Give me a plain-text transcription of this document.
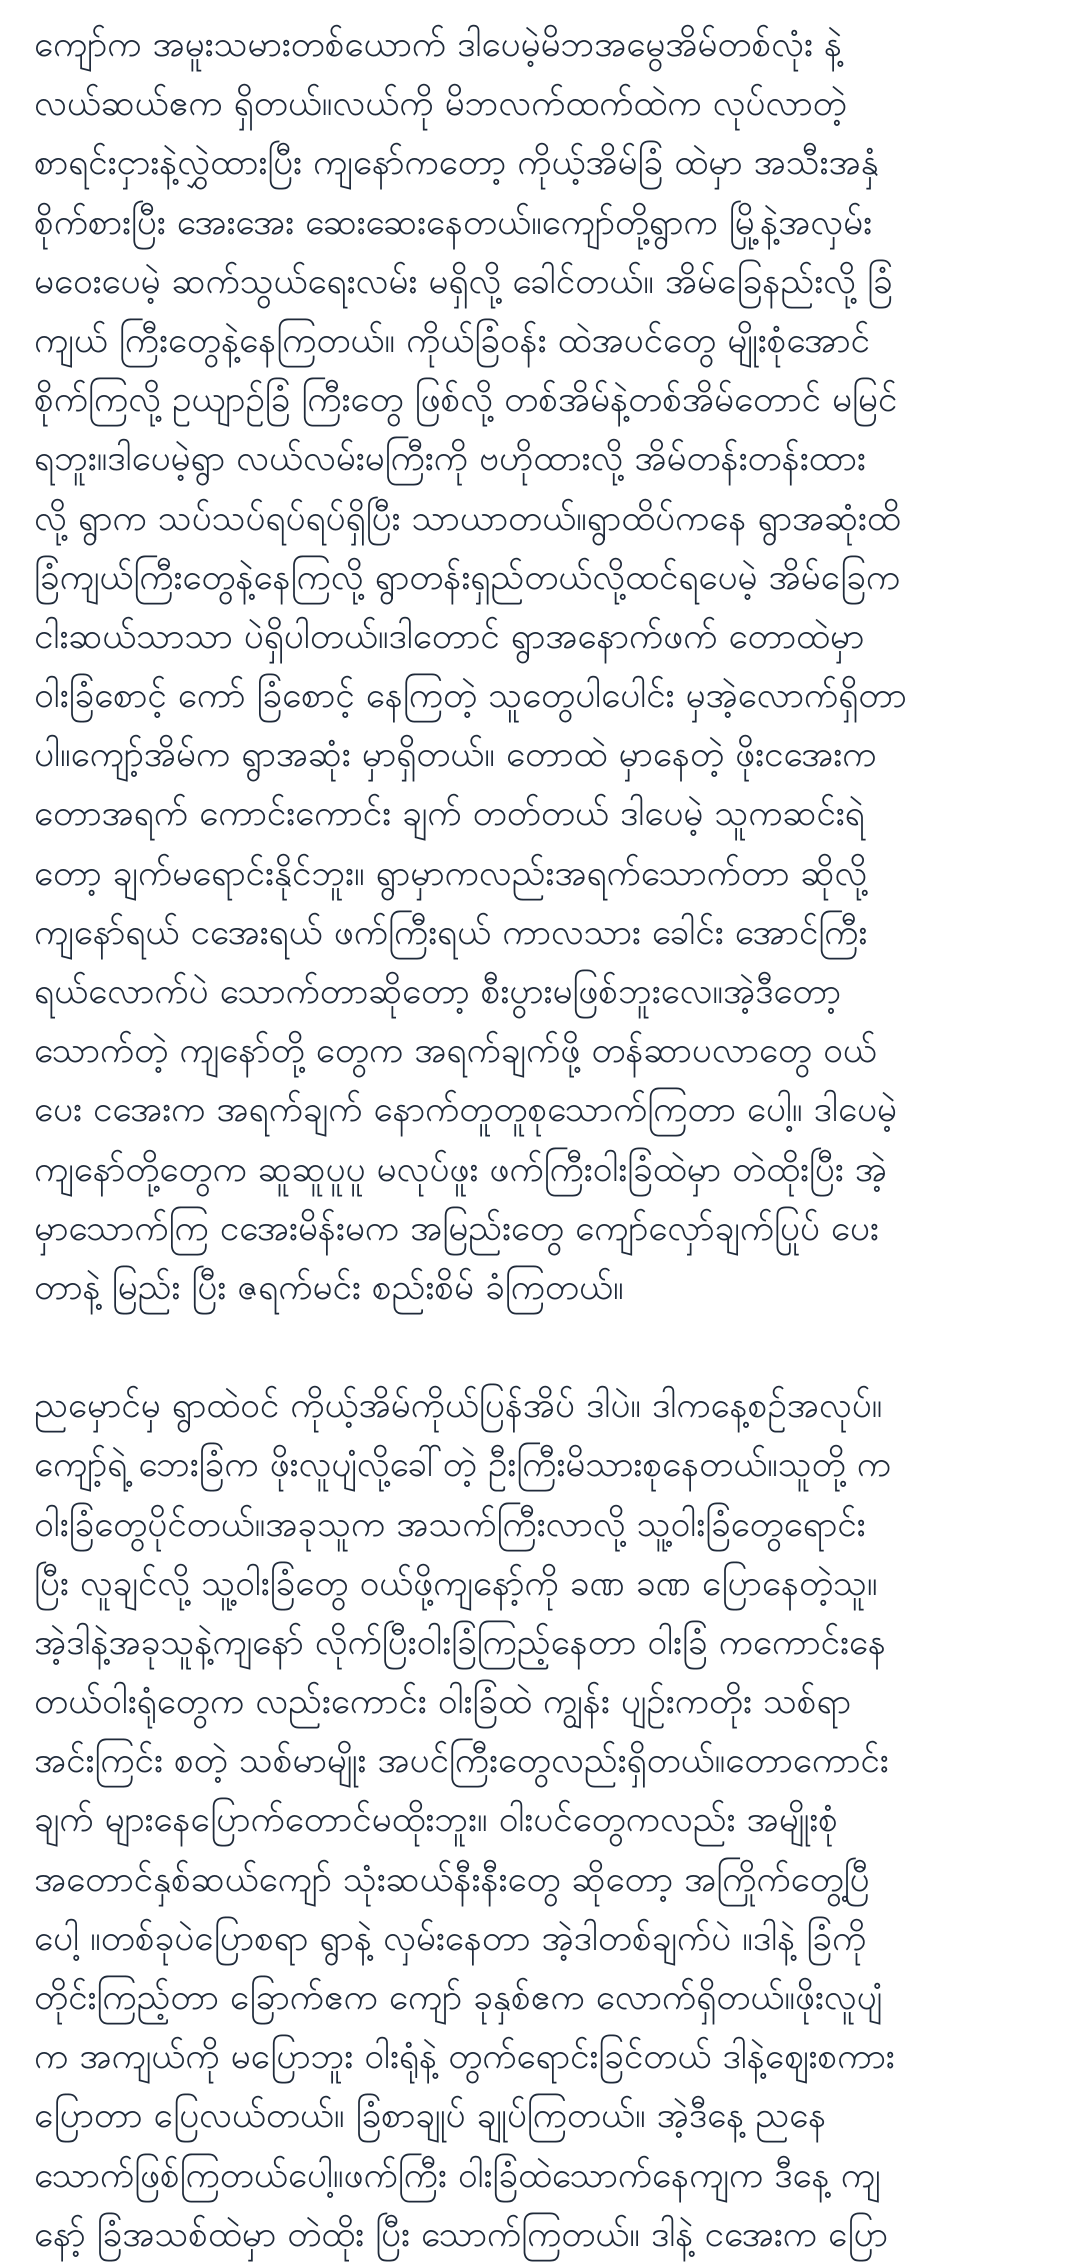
ကျော်က အမူးသမားတစ်ယောက် ဒါပေမဲ့မိဘအမွေအိမ်တစ်လုံး နဲ့
လယ်ဆယ်ဧက ရှိတယ်။လယ်ကို မိဘလက်ထက်ထဲက လုပ်လာတဲ့
စာရင်းငှားနဲ့လွှဲထားပြီး ကျနော်ကတော့ ကိုယ့်အိမ်ခြံ ထဲမှာ အသီးအနှံ
စိုက်စားပြီး အေးအေး ဆေးဆေးနေတယ်။ကျော်တို့ရွာက မြို့နဲ့အလှမ်း
မဝေးပေမဲ့ ဆက်သွယ်ရေးလမ်း မရှိလို့ ခေါင်တယ်။ အိမ်ခြေနည်းလို့ ခြံ
ကျယ် ကြီးတွေနဲ့နေကြတယ်။ ကိုယ်ခြံဝန်း ထဲအပင်တွေ မျိုးစုံအောင်
စိုက်ကြလို့ ဥယျာဉ်ခြံ ကြီးတွေ ဖြစ်လို့ တစ်အိမ်နဲ့တစ်အိမ်တောင် မမြင်
ရဘူး။ဒါပေမဲ့ရွာ လယ်လမ်းမကြီးကို ဗဟိုထားလို့ အိမ်တန်းတန်းထား
လို့ ရွာက သပ်သပ်ရပ်ရပ်ရှိပြီး သာယာတယ်။ရွာထိပ်ကနေ ရွာအဆုံးထိ
ခြံကျယ်ကြီးတွေနဲ့နေကြလို့ ရွာတန်းရှည်တယ်လို့ထင်ရပေမဲ့ အိမ်ခြေက
ငါးဆယ်သာသာ ပဲရှိပါတယ်။ဒါတောင် ရွာအနောက်ဖက် တောထဲမှာ
ဝါးခြံစောင့် ကော် ခြံစောင့် နေကြတဲ့ သူတွေပါပေါင်း မှအဲ့လောက်ရှိတာ
ပါ။ကျော့်အိမ်က ရွာအဆုံး မှာရှိတယ်။ တောထဲ မှာနေတဲ့ ဖိုးငအေးက
တောအရက် ကောင်းကောင်း ချက် တတ်တယ် ဒါပေမဲ့ သူကဆင်းရဲ
တော့ ချက်မရောင်းနိုင်ဘူး။ ရွာမှာကလည်းအရက်သောက်တာ ဆိုလို့
ကျနော်ရယ် ငအေးရယ် ဖက်ကြီးရယ် ကာလသား ခေါင်း အောင်ကြီး
ရယ်လောက်ပဲ သောက်တာဆိုတော့ စီးပွားမဖြစ်ဘူးလေ။အဲ့ဒီတော့
သောက်တဲ့ ကျနော်တို့ တွေက အရက်ချက်ဖို့ တန်ဆာပလာတွေ ဝယ်
ပေး ငအေးက အရက်ချက် နောက်တူတူစုသောက်ကြတာ ပေါ့။ ဒါပေမဲ့
ကျနော်တို့တွေက ဆူဆူပူပူ မလုပ်ဖူး ဖက်ကြီးဝါးခြံထဲမှာ တဲထိုးပြီး အဲ့
မှာသောက်ကြ ငအေးမိန်းမက အမြည်းတွေ ကျော်လှော်ချက်ပြုပ် ပေး
တာနဲ့ မြည်း ပြီး ဇရက်မင်း စည်းစိမ် ခံကြတယ်။
ညမှောင်မှ ရွာထဲဝင် ကိုယ့်အိမ်ကိုယ်ပြန်အိပ် ဒါပဲ။ ဒါကနေ့စဉ်အလုပ်။
ကျော့်ရဲ့ ဘေးခြံက ဖိုးလူပျံလို့ခေါ်တဲ့ ဦးကြီးမိသားစုနေတယ်။သူတို့ က
ဝါးခြံတွေပိုင်တယ်။အခုသူက အသက်ကြီးလာလို့ သူ့ဝါးခြံတွေရောင်း
ပြီး လူချင်လို့ သူ့ဝါးခြံတွေ ဝယ်ဖို့ကျနော့်ကို ခဏ ခဏ ပြောနေတဲ့သူ။
အဲ့ဒါနဲ့အခုသူနဲ့ကျနော် လိုက်ပြီးဝါးခြံကြည့်နေတာ ဝါးခြံ ကကောင်းနေ
တယ်ဝါးရုံတွေက လည်းကောင်း ဝါးခြံထဲ ကျွန်း ပျဉ်းကတိုး သစ်ရာ
အင်းကြင်း စတဲ့ သစ်မာမျိုး အပင်ကြီးတွေလည်းရှိတယ်။တောကောင်း
ချက် များနေပြောက်တောင်မထိုးဘူး။ ဝါးပင်တွေကလည်း အမျိုးစုံ
အတောင်နှစ်ဆယ်ကျော် သုံးဆယ်နီးနီးတွေ ဆိုတော့ အကြိုက်တွေ့ပြီ
ပေါ့ ။တစ်ခုပဲပြောစရာ ရွာနဲ့ လှမ်းနေတာ အဲ့ဒါတစ်ချက်ပဲ ။ဒါနဲ့ ခြံကို
တိုင်းကြည့်တာ ခြောက်ဧက ကျော် ခုနှစ်ဧက လောက်ရှိတယ်။ဖိုးလူပျံ
က အကျယ်ကို မပြောဘူး ဝါးရုံနဲ့ တွက်ရောင်းခြင်တယ် ဒါနဲ့ဈေးစကား
ပြောတာ ပြေလယ်တယ်။ ခြံစာချုပ် ချုပ်ကြတယ်။ အဲ့ဒီနေ့ ညနေ
သောက်ဖြစ်ကြတယ်ပေါ့။ဖက်ကြီး ဝါးခြံထဲသောက်နေကျက ဒီနေ့ ကျ
နော့် ခြံအသစ်ထဲမှာ တဲထိုး ပြီး သောက်ကြတယ်။ ဒါနဲ့ ငအေးက ပြော
